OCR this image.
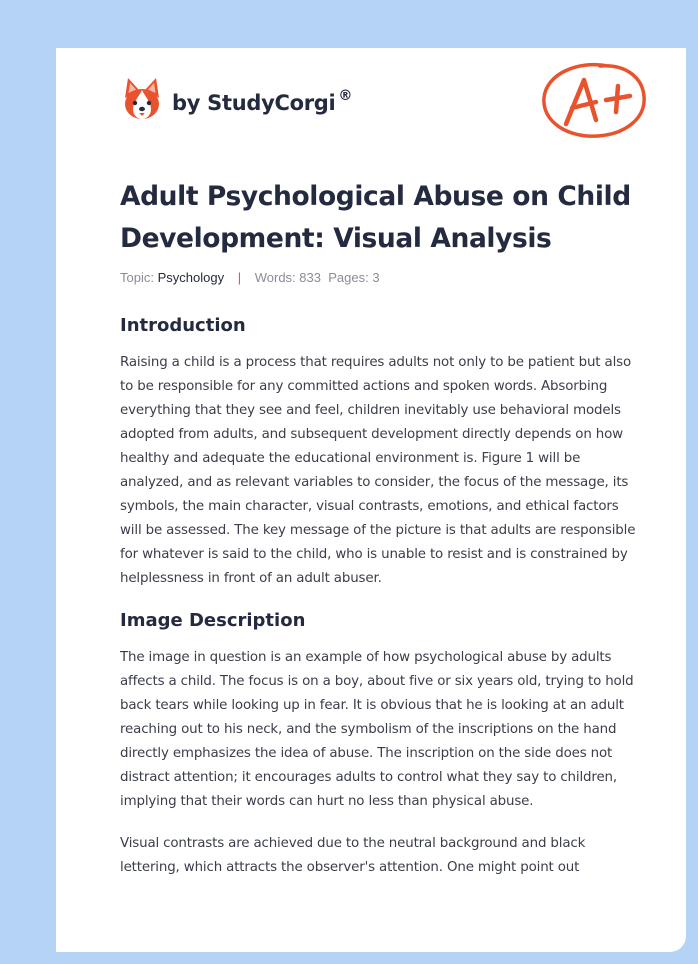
by StudyCorgi ®
Adult Psychological Abuse on Child Development: Visual Analysis
Topic: Psychology | Words: 833 Pages: 3
Introduction

Raising a child is a process that requires adults not only to be patient but also to be responsible for any committed actions and spoken words. Absorbing everything that they see and feel, children inevitably use behavioral models adopted from adults, and subsequent development directly depends on how healthy and adequate the educational environment is. Figure 1 will be analyzed, and as relevant variables to consider, the focus of the message, its symbols, the main character, visual contrasts, emotions, and ethical factors will be assessed. The key message of the picture is that adults are responsible for whatever is said to the child, who is unable to resist and is constrained by helplessness in front of an adult abuser.

Image Description

The image in question is an example of how psychological abuse by adults affects a child. The focus is on a boy, about five or six years old, trying to hold back tears while looking up in fear. It is obvious that he is looking at an adult reaching out to his neck, and the symbolism of the inscriptions on the hand directly emphasizes the idea of abuse. The inscription on the side does not distract attention; it encourages adults to control what they say to children, implying that their words can hurt no less than physical abuse.

Visual contrasts are achieved due to the neutral background and black lettering, which attracts the observer's attention. One might point out
